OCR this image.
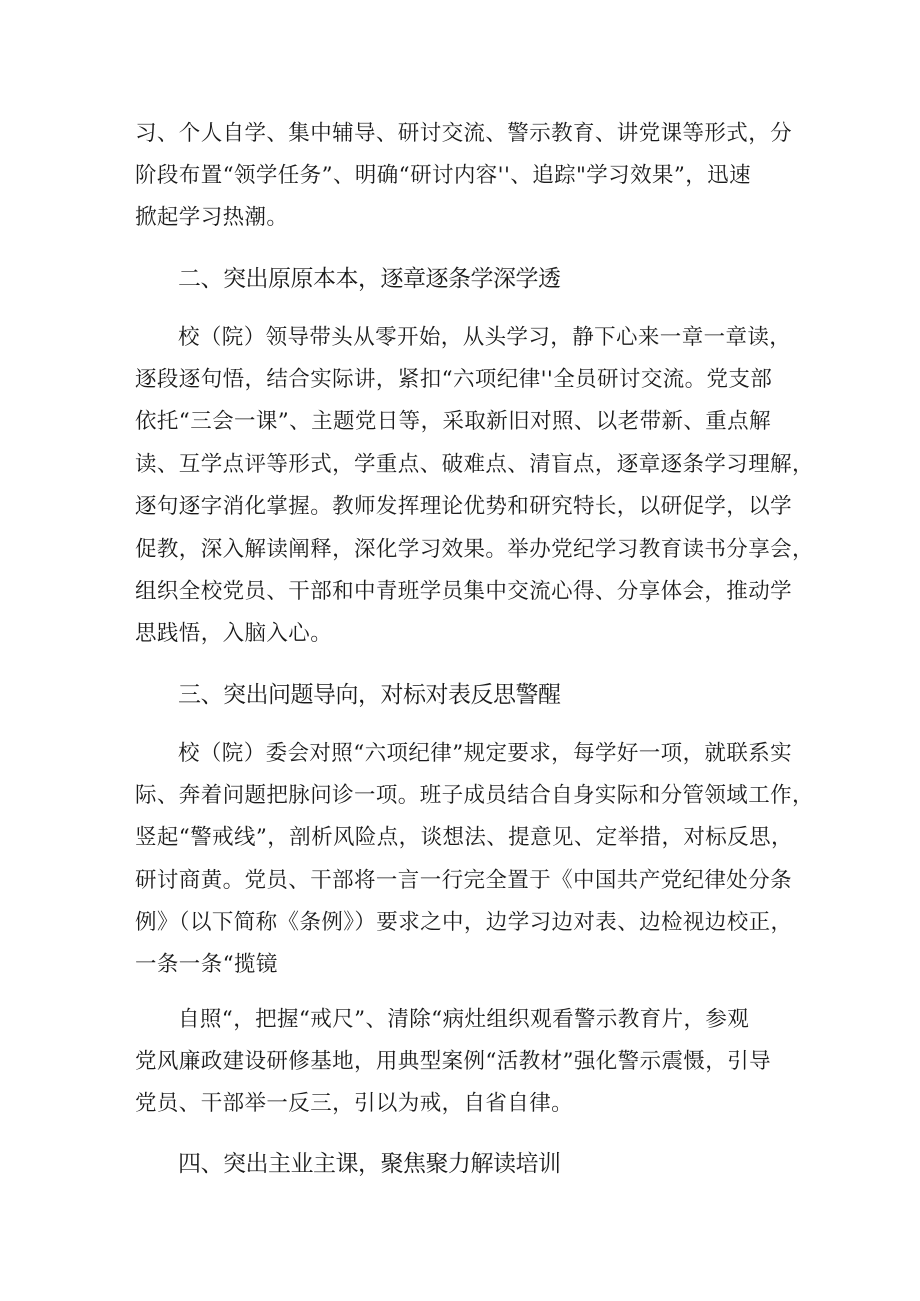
习、个人自学、集中辅导、研讨交流、警示教育、讲党课等形式，分
阶段布置“领学任务”、明确“研讨内容''、追踪"学习效果”，迅速
掀起学习热潮。
二、突出原原本本，逐章逐条学深学透
校（院）领导带头从零开始，从头学习，静下心来一章一章读，
逐段逐句悟，结合实际讲，紧扣“六项纪律''全员研讨交流。党支部
依托“三会一课”、主题党日等，采取新旧对照、以老带新、重点解
读、互学点评等形式，学重点、破难点、清盲点，逐章逐条学习理解，
逐句逐字消化掌握。教师发挥理论优势和研究特长，以研促学，以学
促教，深入解读阐释，深化学习效果。举办党纪学习教育读书分享会，
组织全校党员、干部和中青班学员集中交流心得、分享体会，推动学
思践悟，入脑入心。
三、突出问题导向，对标对表反思警醒
校（院）委会对照“六项纪律”规定要求，每学好一项，就联系实
际、奔着问题把脉问诊一项。班子成员结合自身实际和分管领域工作，
竖起“警戒线”，剖析风险点，谈想法、提意见、定举措，对标反思，
研讨商黄。党员、干部将一言一行完全置于《中国共产党纪律处分条
例》（以下简称《条例》）要求之中，边学习边对表、边检视边校正，
一条一条“揽镜
自照“，把握“戒尺”、清除“病灶组织观看警示教育片，参观
党风廉政建设研修基地，用典型案例“活教材”强化警示震慑，引导
党员、干部举一反三，引以为戒，自省自律。
四、突出主业主课，聚焦聚力解读培训
